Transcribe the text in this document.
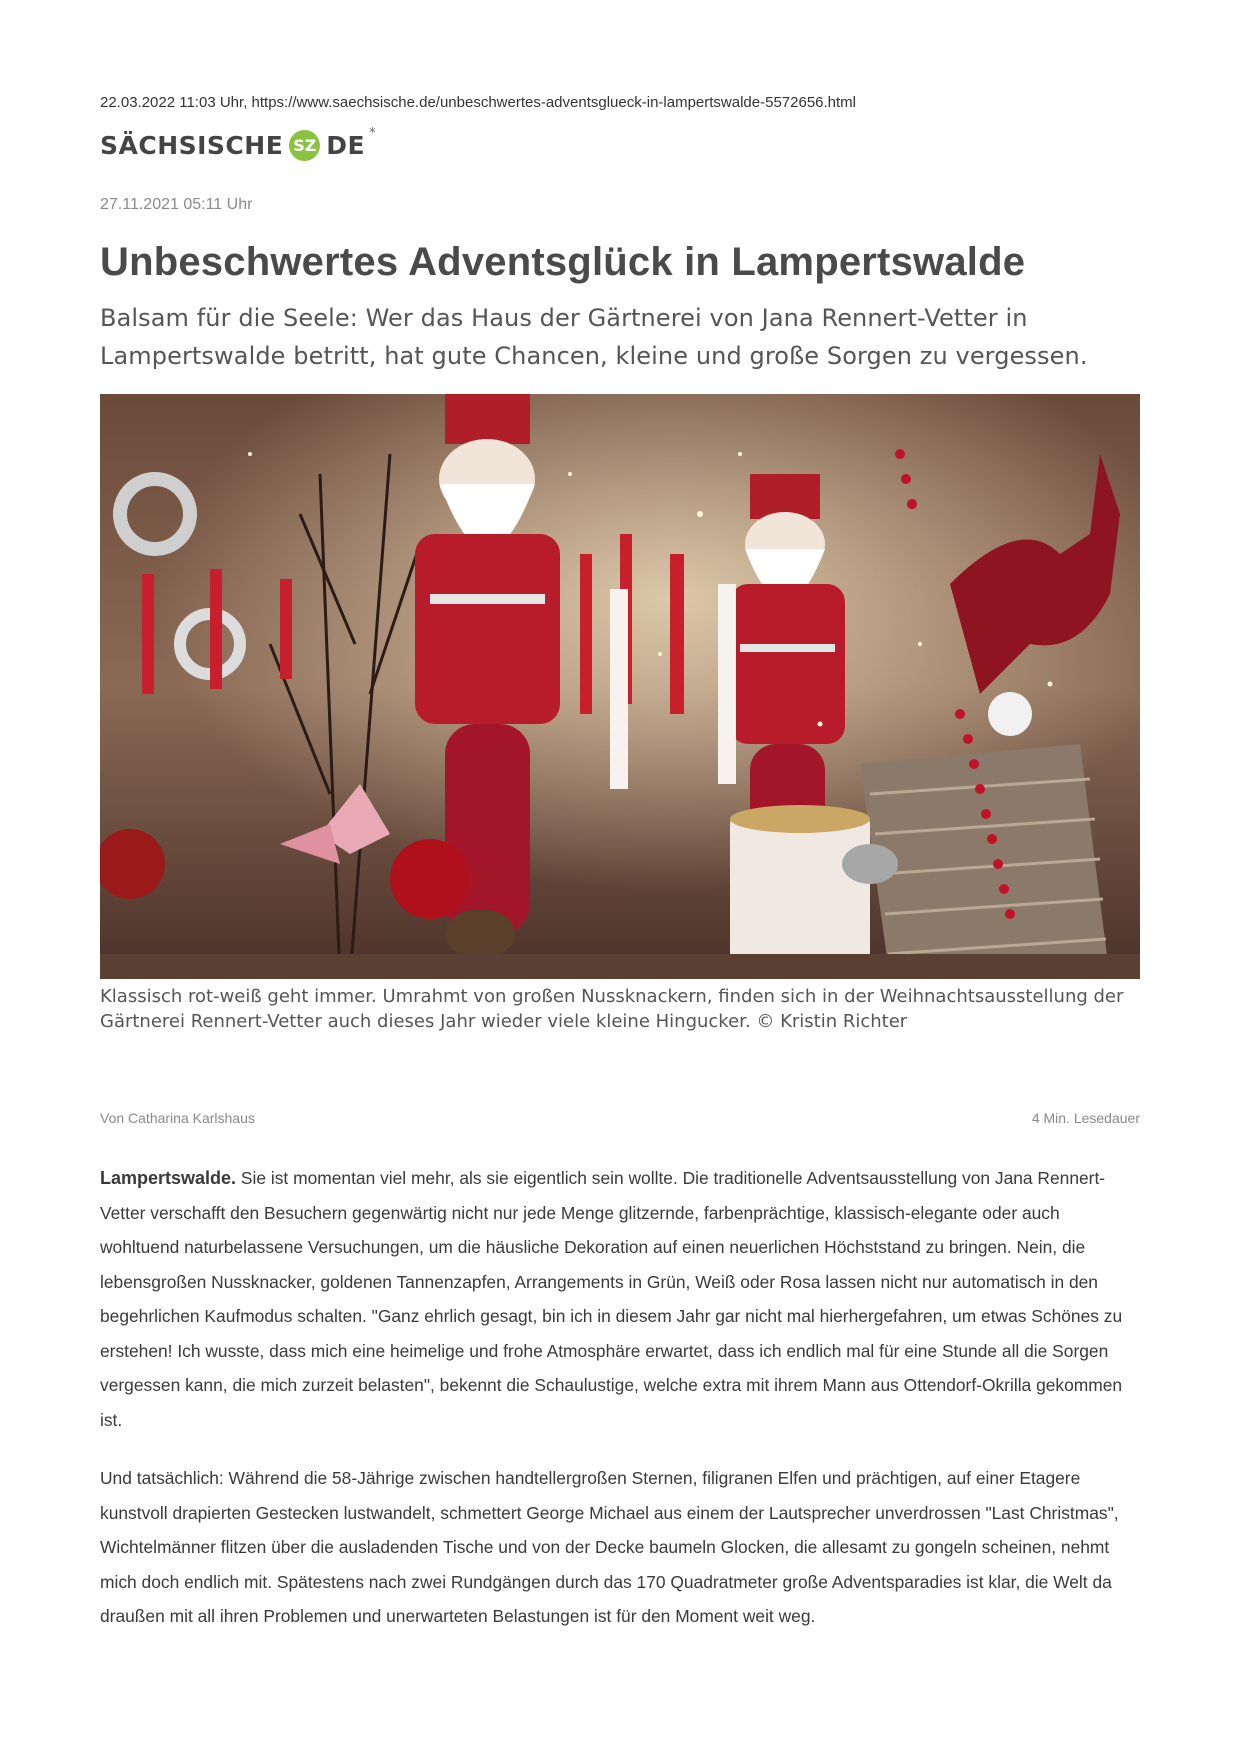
22.03.2022 11:03 Uhr, https://www.saechsische.de/unbeschwertes-adventsglueck-in-lampertswalde-5572656.html
SÄCHSISCHE SZ DE *
27.11.2021 05:11 Uhr
Unbeschwertes Adventsglück in Lampertswalde
Balsam für die Seele: Wer das Haus der Gärtnerei von Jana Rennert-Vetter in Lampertswalde betritt, hat gute Chancen, kleine und große Sorgen zu vergessen.

Klassisch rot-weiß geht immer. Umrahmt von großen Nussknackern, finden sich in der Weihnachtsausstellung der Gärtnerei Rennert-Vetter auch dieses Jahr wieder viele kleine Hingucker. © Kristin Richter

Von Catharina Karlshaus	4 Min. Lesedauer

Lampertswalde. Sie ist momentan viel mehr, als sie eigentlich sein wollte. Die traditionelle Adventsausstellung von Jana Rennert-Vetter verschafft den Besuchern gegenwärtig nicht nur jede Menge glitzernde, farbenprächtige, klassisch-elegante oder auch wohltuend naturbelassene Versuchungen, um die häusliche Dekoration auf einen neuerlichen Höchststand zu bringen. Nein, die lebensgroßen Nussknacker, goldenen Tannenzapfen, Arrangements in Grün, Weiß oder Rosa lassen nicht nur automatisch in den begehrlichen Kaufmodus schalten. "Ganz ehrlich gesagt, bin ich in diesem Jahr gar nicht mal hierhergefahren, um etwas Schönes zu erstehen! Ich wusste, dass mich eine heimelige und frohe Atmosphäre erwartet, dass ich endlich mal für eine Stunde all die Sorgen vergessen kann, die mich zurzeit belasten", bekennt die Schaulustige, welche extra mit ihrem Mann aus Ottendorf-Okrilla gekommen ist.

Und tatsächlich: Während die 58-Jährige zwischen handtellergroßen Sternen, filigranen Elfen und prächtigen, auf einer Etagere kunstvoll drapierten Gestecken lustwandelt, schmettert George Michael aus einem der Lautsprecher unverdrossen "Last Christmas", Wichtelmänner flitzen über die ausladenden Tische und von der Decke baumeln Glocken, die allesamt zu gongeln scheinen, nehmt mich doch endlich mit. Spätestens nach zwei Rundgängen durch das 170 Quadratmeter große Adventsparadies ist klar, die Welt da draußen mit all ihren Problemen und unerwarteten Belastungen ist für den Moment weit weg.
